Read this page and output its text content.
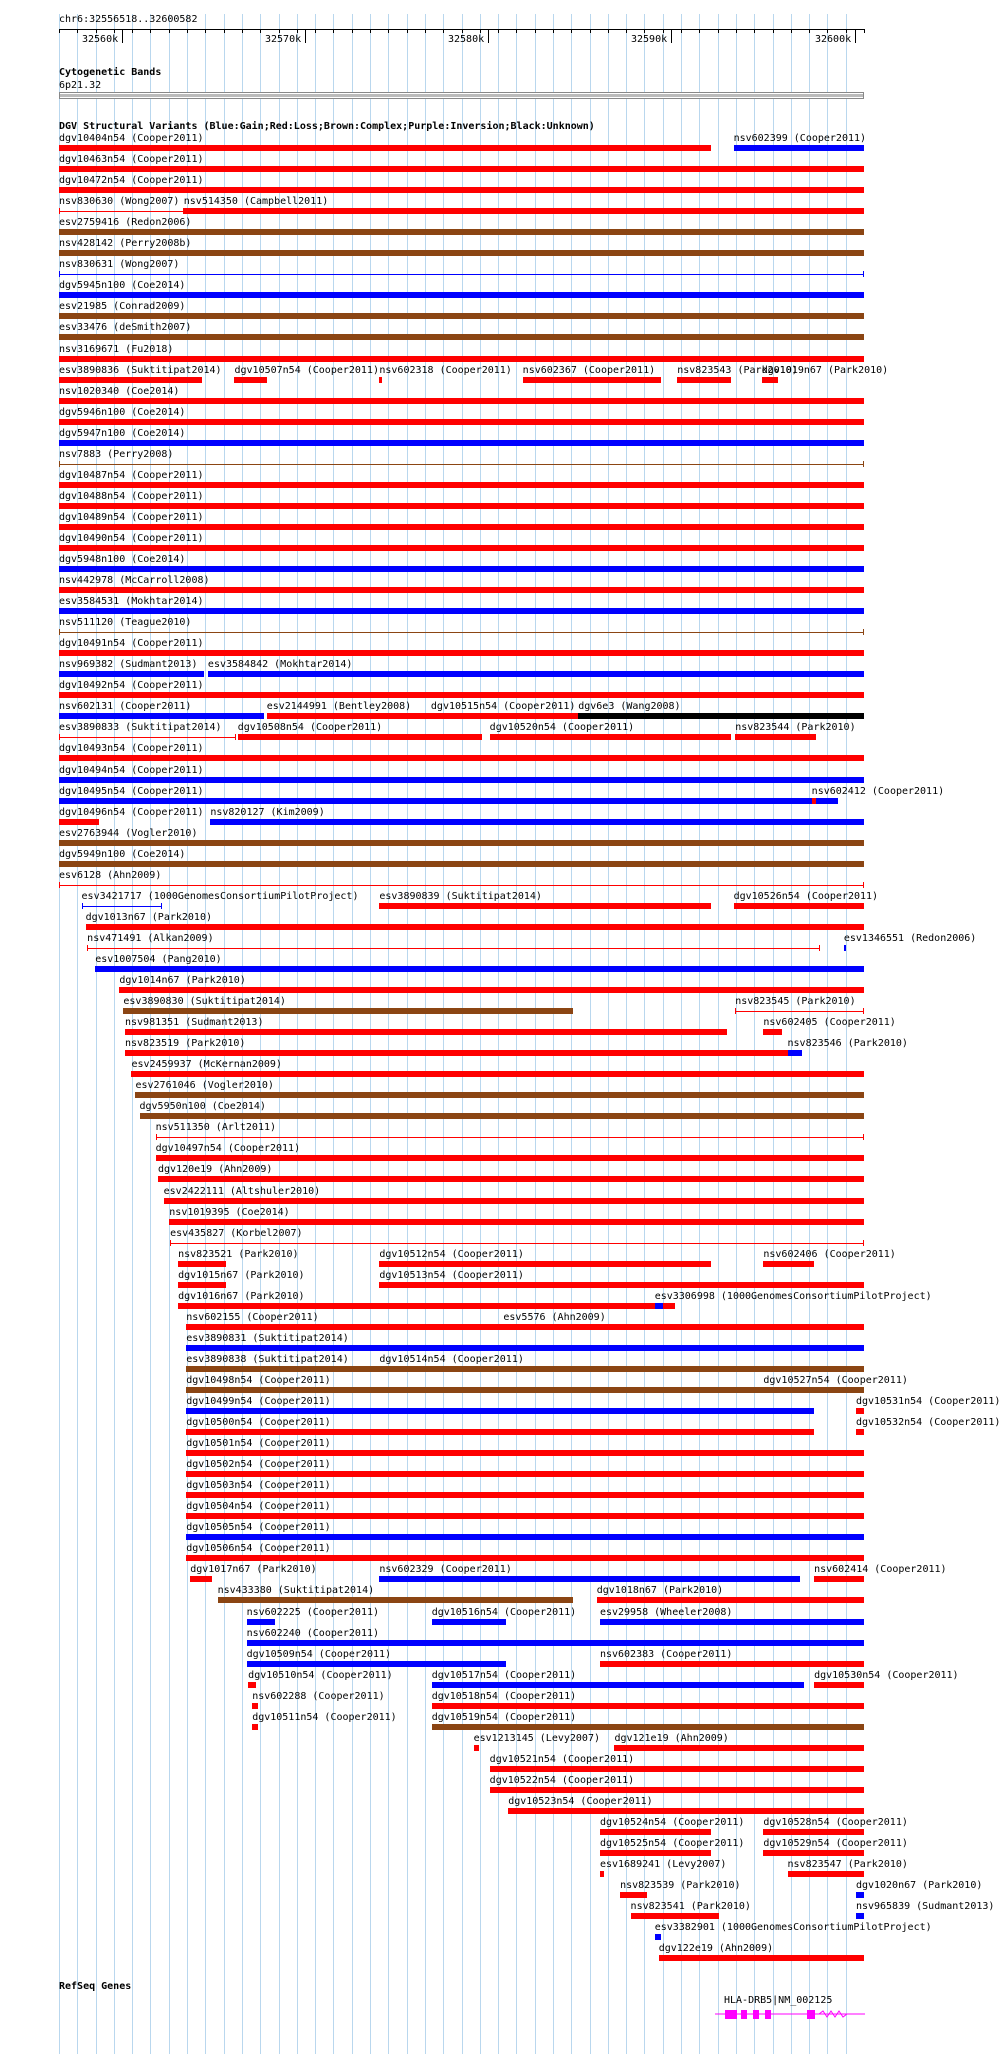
chr6:32556518..32600582
32560k	32570k	32580k	32590k	32600k
Cytogenetic Bands
6p21.32
DGV Structural Variants (Blue:Gain;Red:Loss;Brown:Complex;Purple:Inversion;Black:Unknown)
dgv10404n54 (Cooper2011)	nsv602399 (Cooper2011)
dgv10463n54 (Cooper2011)
dgv10472n54 (Cooper2011)
nsv830630 (Wong2007) nsv514350 (Campbell2011)
esv2759416 (Redon2006)
nsv428142 (Perry2008b)
nsv830631 (Wong2007)
dgv5945n100 (Coe2014)
esv21985 (Conrad2009)
esv33476 (deSmith2007)
nsv3169671 (Fu2018)
esv3890836 (Suktitipat2014) dgv10507n54 (Cooper2011) nsv602318 (Cooper2011) nsv602367 (Cooper2011) nsv823543 (Park2010)
dgv1019n67 (Park2010)
nsv1020340 (Coe2014)
dgv5946n100 (Coe2014)
dgv5947n100 (Coe2014)
nsv7883 (Perry2008)
dgv10487n54 (Cooper2011)
dgv10488n54 (Cooper2011)
dgv10489n54 (Cooper2011)
dgv10490n54 (Cooper2011)
dgv5948n100 (Coe2014)
nsv442978 (McCarroll2008)
esv3584531 (Mokhtar2014)
nsv511120 (Teague2010)
dgv10491n54 (Cooper2011)
nsv969382 (Sudmant2013) esv3584842 (Mokhtar2014)
dgv10492n54 (Cooper2011)
nsv602131 (Cooper2011)	esv2144991 (Bentley2008) dgv10515n54 (Cooper2011) dgv6e3 (Wang2008)
esv3890833 (Suktitipat2014) dgv10508n54 (Cooper2011)	dgv10520n54 (Cooper2011)	nsv823544 (Park2010)
dgv10493n54 (Cooper2011)
dgv10494n54 (Cooper2011)
dgv10495n54 (Cooper2011)	nsv602412 (Cooper2011)
dgv10496n54 (Cooper2011) nsv820127 (Kim2009)
esv2763944 (Vogler2010)
dgv5949n100 (Coe2014)
esv6128 (Ahn2009)
esv3421717 (1000GenomesConsortiumPilotProject) esv3890839 (Suktitipat2014)	dgv10526n54 (Cooper2011)
dgv1013n67 (Park2010)
nsv471491 (Alkan2009)	esv1346551 (Redon2006)
esv1007504 (Pang2010)
dgv1014n67 (Park2010)
esv3890830 (Suktitipat2014)	nsv823545 (Park2010)
nsv981351 (Sudmant2013)	nsv602405 (Cooper2011)
nsv823519 (Park2010)	nsv823546 (Park2010)
esv2459937 (McKernan2009)
esv2761046 (Vogler2010)
dgv5950n100 (Coe2014)
nsv511350 (Arlt2011)
dgv10497n54 (Cooper2011)
dgv120e19 (Ahn2009)
esv2422111 (Altshuler2010)
nsv1019395 (Coe2014)
esv435827 (Korbel2007)
nsv823521 (Park2010)	dgv10512n54 (Cooper2011)	nsv602406 (Cooper2011)
dgv1015n67 (Park2010)	dgv10513n54 (Cooper2011)
dgv1016n67 (Park2010)	esv3306998 (1000GenomesConsortiumPilotProject)
nsv602155 (Cooper2011)	esv5576 (Ahn2009)
esv3890831 (Suktitipat2014)
esv3890838 (Suktitipat2014)	dgv10514n54 (Cooper2011)
dgv10498n54 (Cooper2011)	dgv10527n54 (Cooper2011)
dgv10499n54 (Cooper2011)	dgv10531n54 (Cooper2011)
dgv10500n54 (Cooper2011)	dgv10532n54 (Cooper2011)
dgv10501n54 (Cooper2011)
dgv10502n54 (Cooper2011)
dgv10503n54 (Cooper2011)
dgv10504n54 (Cooper2011)
dgv10505n54 (Cooper2011)
dgv10506n54 (Cooper2011)
dgv1017n67 (Park2010)	nsv602329 (Cooper2011)	nsv602414 (Cooper2011)
nsv433380 (Suktitipat2014)	dgv1018n67 (Park2010)
nsv602225 (Cooper2011)	dgv10516n54 (Cooper2011) esv29958 (Wheeler2008)
nsv602240 (Cooper2011)
dgv10509n54 (Cooper2011)	nsv602383 (Cooper2011)
dgv10510n54 (Cooper2011)	dgv10517n54 (Cooper2011)	dgv10530n54 (Cooper2011)
nsv602288 (Cooper2011)	dgv10518n54 (Cooper2011)
dgv10511n54 (Cooper2011)	dgv10519n54 (Cooper2011)
esv1213145 (Levy2007) dgv121e19 (Ahn2009)
dgv10521n54 (Cooper2011)
dgv10522n54 (Cooper2011)
dgv10523n54 (Cooper2011)
dgv10524n54 (Cooper2011) dgv10528n54 (Cooper2011)
dgv10525n54 (Cooper2011) dgv10529n54 (Cooper2011)
esv1689241 (Levy2007)	nsv823547 (Park2010)
nsv823539 (Park2010)	dgv1020n67 (Park2010)
nsv823541 (Park2010)	nsv965839 (Sudmant2013)
esv3382901 (1000GenomesConsortiumPilotProject)
dgv122e19 (Ahn2009)
RefSeq Genes
HLA-DRB5|NM_002125
